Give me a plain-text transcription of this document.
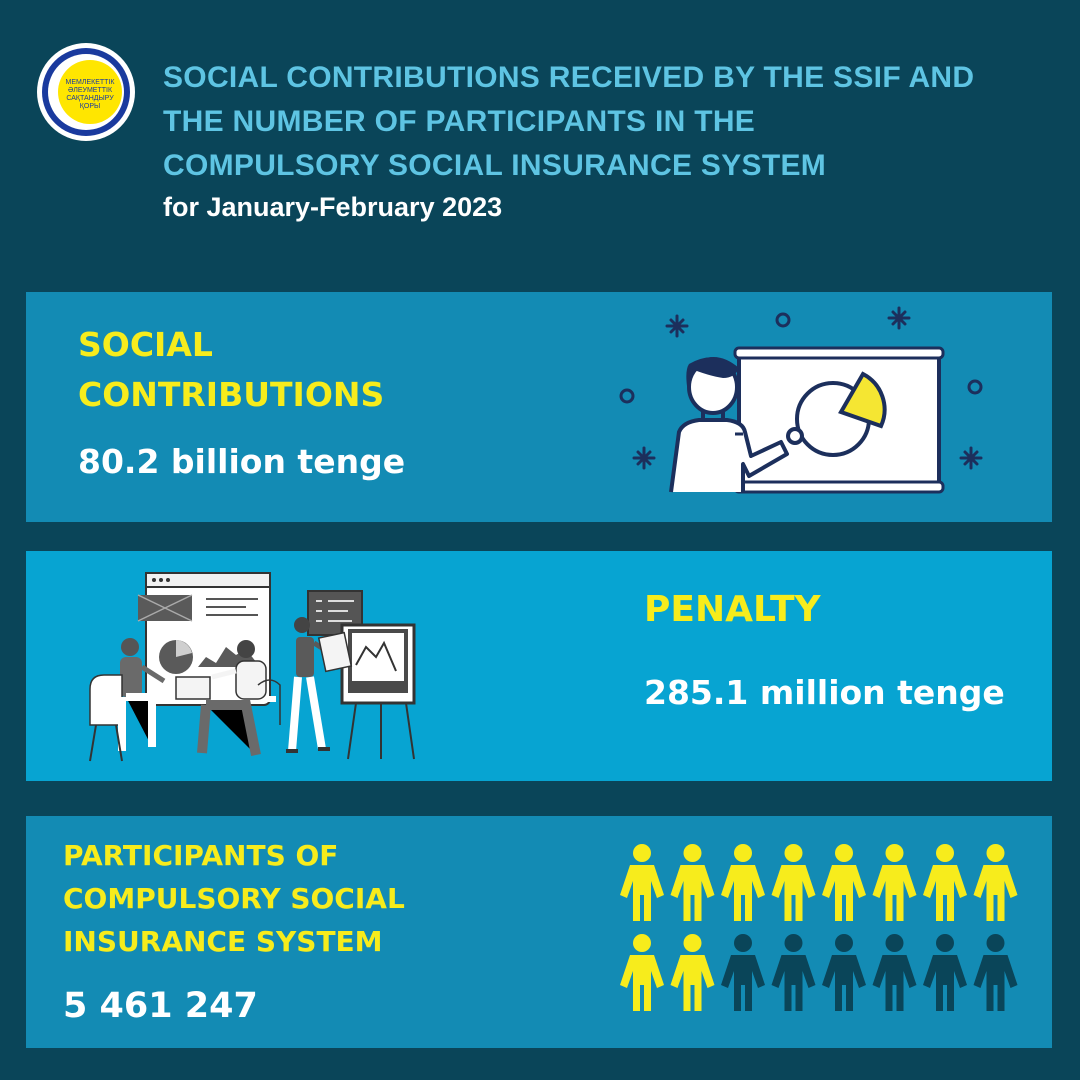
МЕМЛЕКЕТТІК
ӘЛЕУМЕТТІК
САҚТАНДЫРУ
ҚОРЫ
SOCIAL CONTRIBUTIONS RECEIVED BY THE SSIF AND
THE NUMBER OF PARTICIPANTS IN THE
COMPULSORY SOCIAL INSURANCE SYSTEM
for January-February 2023
SOCIAL
CONTRIBUTIONS
80.2 billion tenge
PENALTY
285.1 million tenge
PARTICIPANTS OF
COMPULSORY SOCIAL
INSURANCE SYSTEM
5 461 247
